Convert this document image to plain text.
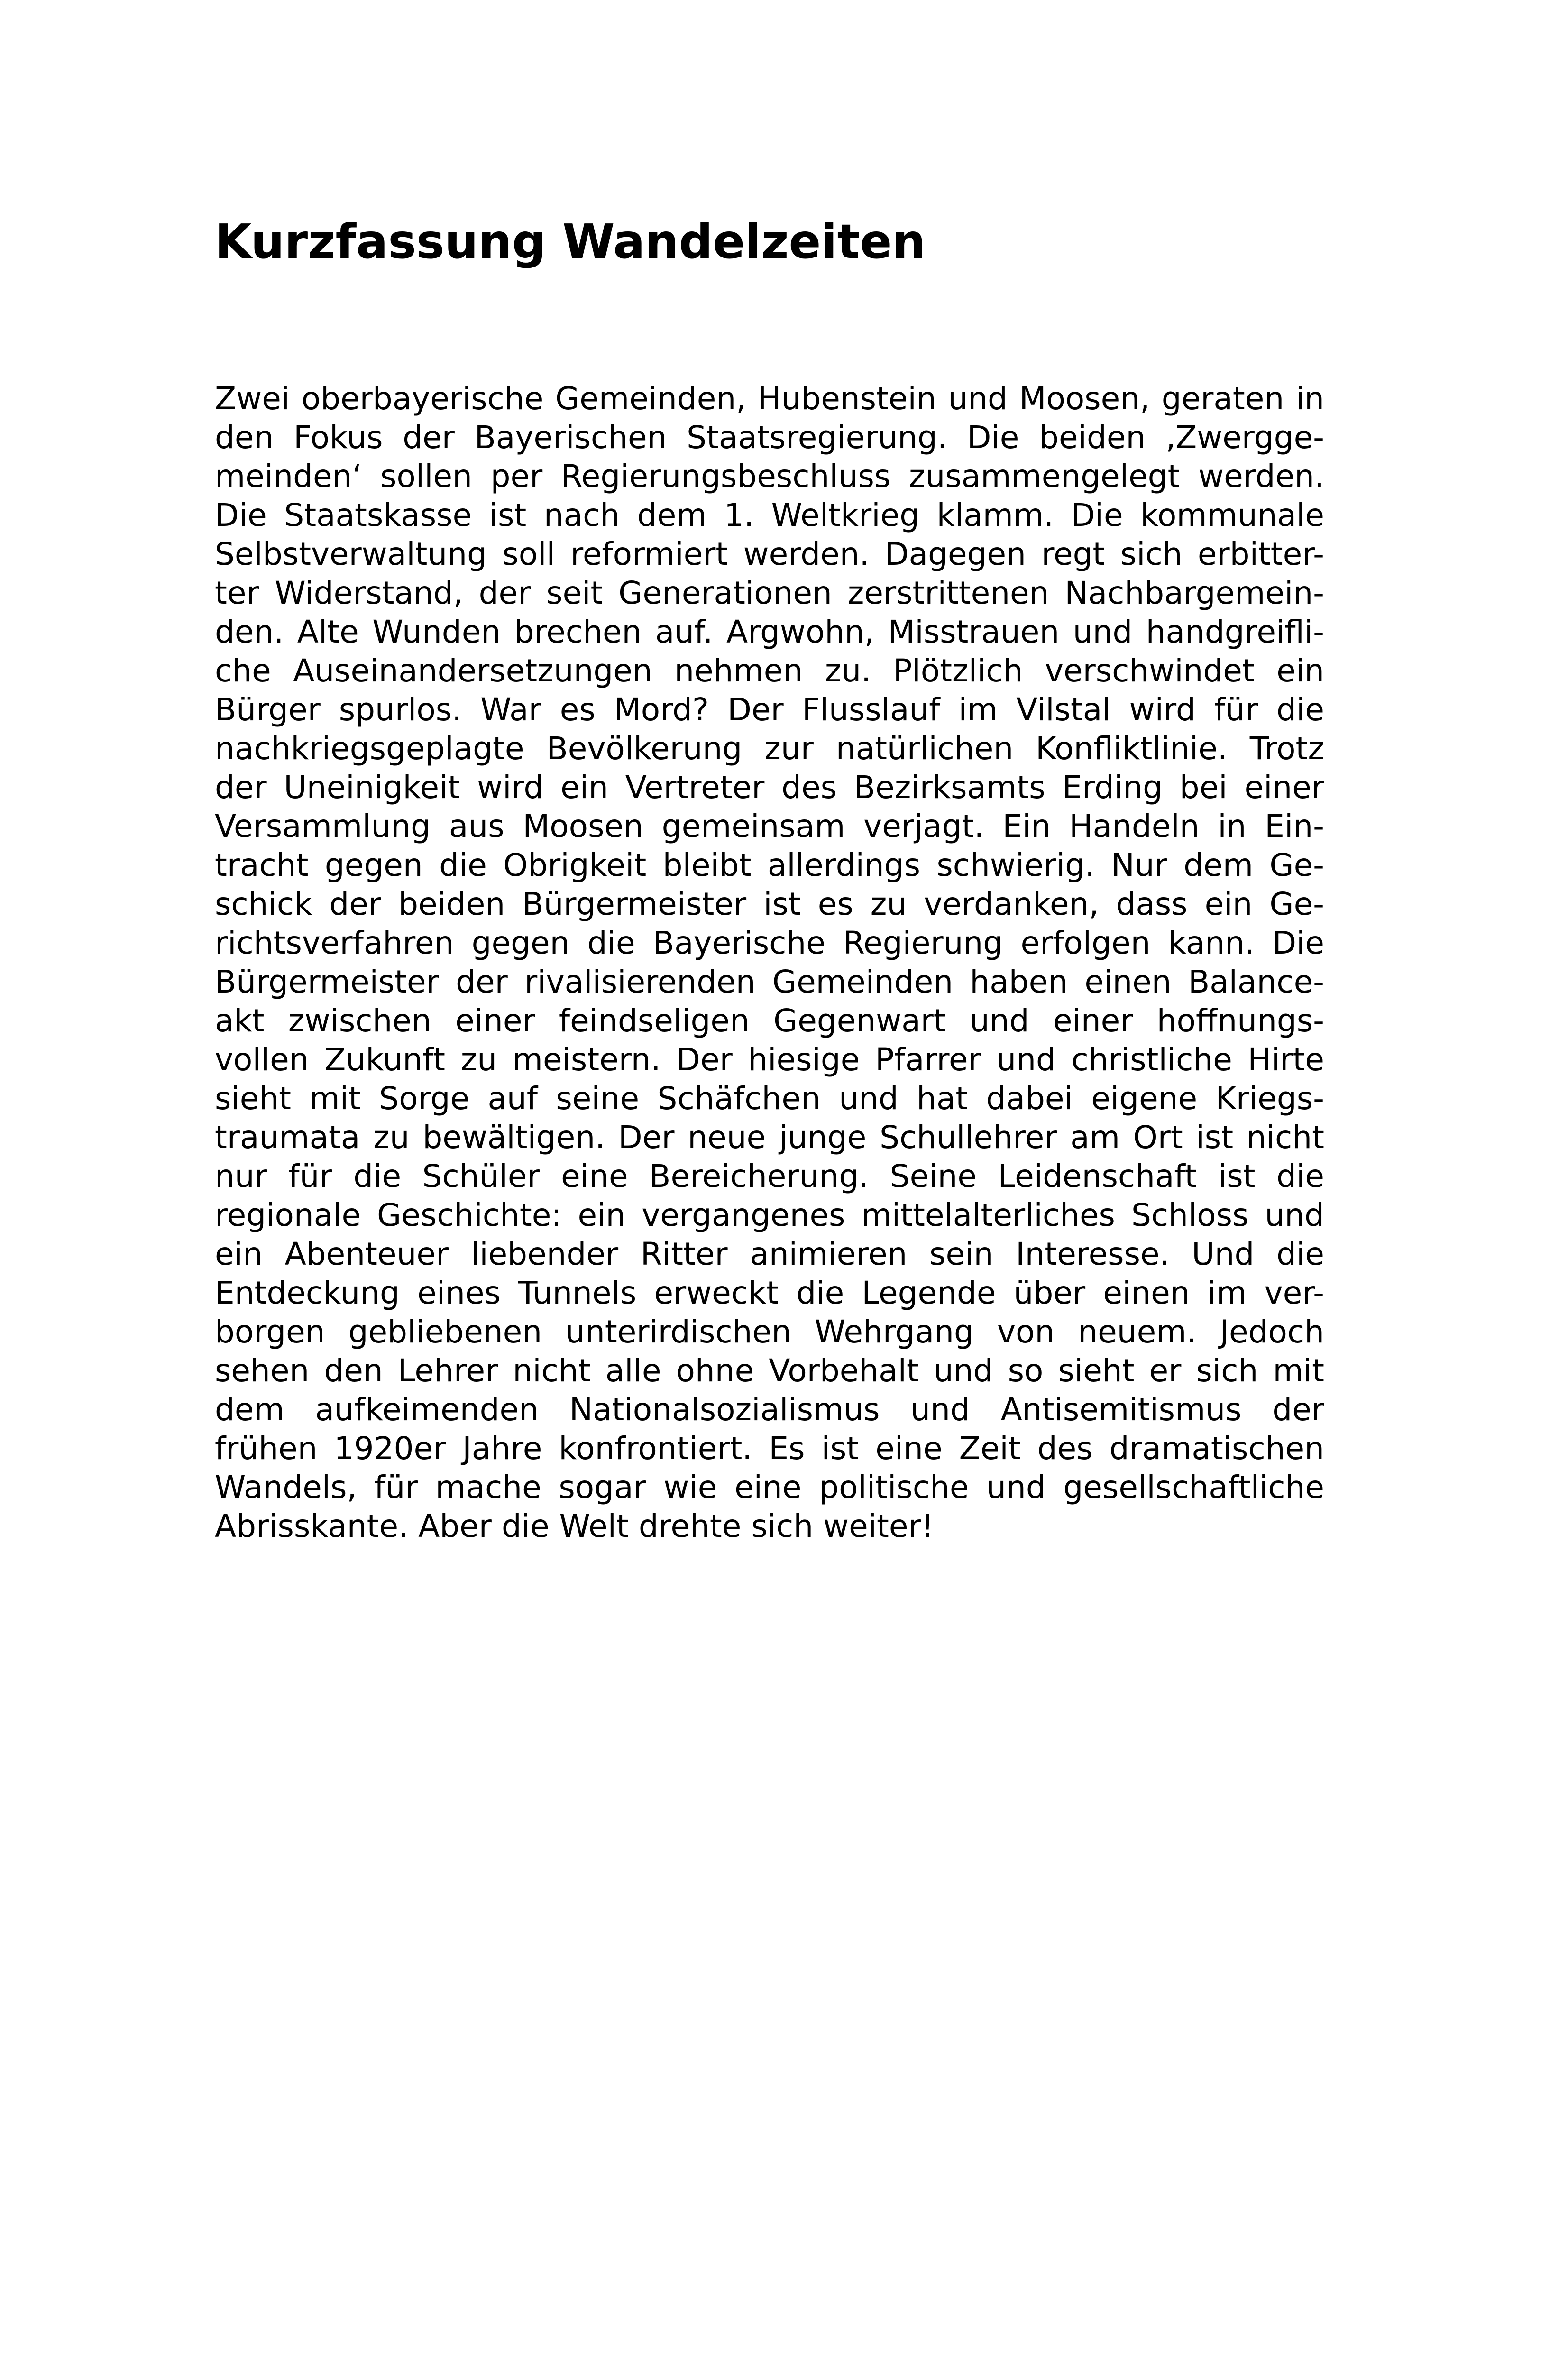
Kurzfassung Wandelzeiten
Zwei oberbayerische Gemeinden, Hubenstein und Moosen, geraten in
den Fokus der Bayerischen Staatsregierung. Die beiden ‚Zwergge-
meinden‘ sollen per Regierungsbeschluss zusammengelegt werden.
Die Staatskasse ist nach dem 1. Weltkrieg klamm. Die kommunale
Selbstverwaltung soll reformiert werden. Dagegen regt sich erbitter-
ter Widerstand, der seit Generationen zerstrittenen Nachbargemein-
den. Alte Wunden brechen auf. Argwohn, Misstrauen und handgreifli-
che Auseinandersetzungen nehmen zu. Plötzlich verschwindet ein
Bürger spurlos. War es Mord? Der Flusslauf im Vilstal wird für die
nachkriegsgeplagte Bevölkerung zur natürlichen Konfliktlinie. Trotz
der Uneinigkeit wird ein Vertreter des Bezirksamts Erding bei einer
Versammlung aus Moosen gemeinsam verjagt. Ein Handeln in Ein-
tracht gegen die Obrigkeit bleibt allerdings schwierig. Nur dem Ge-
schick der beiden Bürgermeister ist es zu verdanken, dass ein Ge-
richtsverfahren gegen die Bayerische Regierung erfolgen kann. Die
Bürgermeister der rivalisierenden Gemeinden haben einen Balance-
akt zwischen einer feindseligen Gegenwart und einer hoffnungs-
vollen Zukunft zu meistern. Der hiesige Pfarrer und christliche Hirte
sieht mit Sorge auf seine Schäfchen und hat dabei eigene Kriegs-
traumata zu bewältigen. Der neue junge Schullehrer am Ort ist nicht
nur für die Schüler eine Bereicherung. Seine Leidenschaft ist die
regionale Geschichte: ein vergangenes mittelalterliches Schloss und
ein Abenteuer liebender Ritter animieren sein Interesse. Und die
Entdeckung eines Tunnels erweckt die Legende über einen im ver-
borgen gebliebenen unterirdischen Wehrgang von neuem. Jedoch
sehen den Lehrer nicht alle ohne Vorbehalt und so sieht er sich mit
dem aufkeimenden Nationalsozialismus und Antisemitismus der
frühen 1920er Jahre konfrontiert. Es ist eine Zeit des dramatischen
Wandels, für mache sogar wie eine politische und gesellschaftliche
Abrisskante. Aber die Welt drehte sich weiter!
